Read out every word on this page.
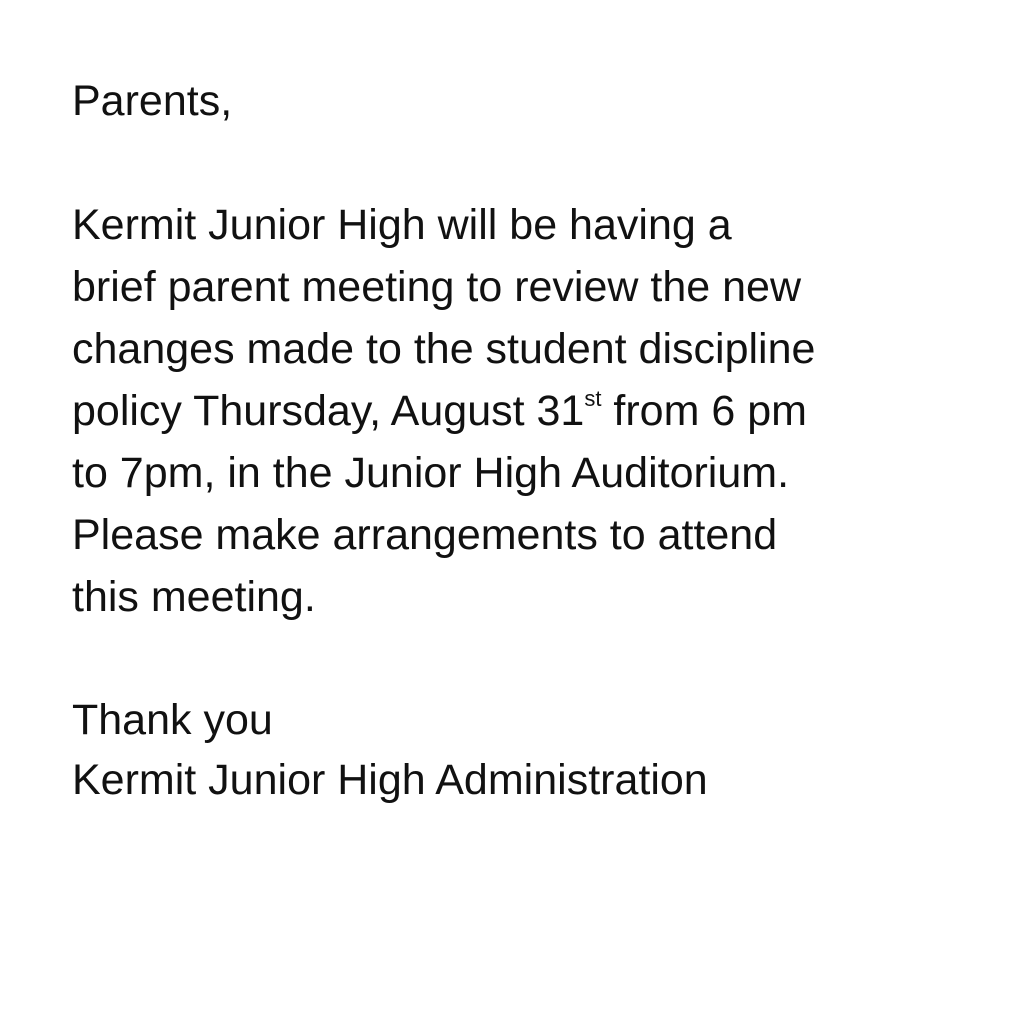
Parents,
Kermit Junior High will be having a
brief parent meeting to review the new
changes made to the student discipline
policy Thursday, August 31st from 6 pm
to 7pm, in the Junior High Auditorium.
Please make arrangements to attend
this meeting.
Thank you
Kermit Junior High Administration
